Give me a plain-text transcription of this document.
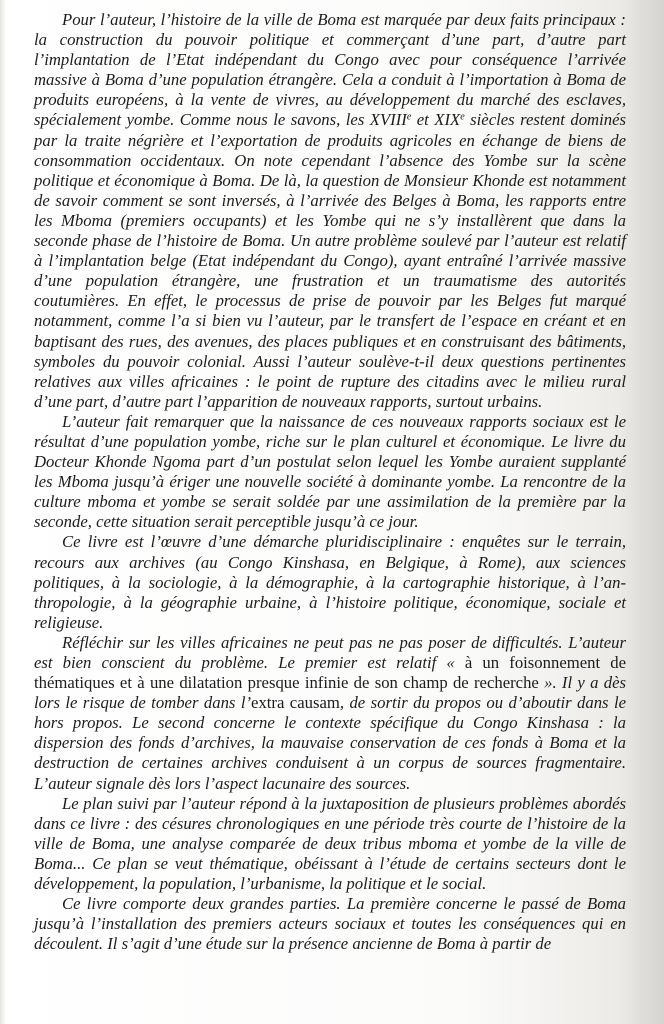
Pour l’auteur, l’histoire de la ville de Boma est marquée par deux faits principaux : la construction du pouvoir politique et commerçant d’une part, d’autre part l’implantation de l’Etat indépendant du Congo avec pour conséquence l’arrivée massive à Boma d’une population étrangère. Cela a conduit à l’importation à Boma de produits européens, à la vente de vivres, au développement du marché des esclaves, spécialement yombe. Comme nous le savons, les XVIIIe et XIXe siècles restent dominés par la traite négrière et l’exportation de produits agricoles en échange de biens de consommation occidentaux. On note cependant l’absence des Yombe sur la scène politique et économique à Boma. De là, la question de Monsieur Khonde est notamment de savoir comment se sont inversés, à l’arrivée des Belges à Boma, les rapports entre les Mboma (premiers occupants) et les Yombe qui ne s’y installèrent que dans la seconde phase de l’histoire de Boma. Un autre problème soulevé par l’auteur est relatif à l’implantation belge (Etat indépendant du Congo), ayant entraîné l’arrivée massive d’une population étrangère, une frustration et un traumatisme des autorités coutumières. En effet, le processus de prise de pouvoir par les Belges fut marqué notamment, comme l’a si bien vu l’auteur, par le transfert de l’espace en créant et en baptisant des rues, des avenues, des places publiques et en construisant des bâtiments, symboles du pouvoir colonial. Aussi l’auteur soulève-t-il deux questions pertinentes relatives aux villes africaines : le point de rupture des citadins avec le milieu rural d’une part, d’autre part l’apparition de nouveaux rapports, surtout urbains.

L’auteur fait remarquer que la naissance de ces nouveaux rapports sociaux est le résultat d’une population yombe, riche sur le plan culturel et économique. Le livre du Docteur Khonde Ngoma part d’un postulat selon lequel les Yombe auraient supplanté les Mboma jusqu’à ériger une nouvelle société à dominante yombe. La rencontre de la culture mboma et yombe se serait soldée par une assimilation de la première par la seconde, cette situation serait perceptible jusqu’à ce jour.

Ce livre est l’œuvre d’une démarche pluridisciplinaire : enquêtes sur le terrain, recours aux archives (au Congo Kinshasa, en Belgique, à Rome), aux sciences politiques, à la sociologie, à la démographie, à la cartographie historique, à l’anthropologie, à la géographie urbaine, à l’histoire politique, économique, sociale et religieuse.

Réfléchir sur les villes africaines ne peut pas ne pas poser de difficultés. L’auteur est bien conscient du problème. Le premier est relatif « à un foisonnement de thématiques et à une dilatation presque infinie de son champ de recherche ». Il y a dès lors le risque de tomber dans l’extra causam, de sortir du propos ou d’aboutir dans le hors propos. Le second concerne le contexte spécifique du Congo Kinshasa : la dispersion des fonds d’archives, la mauvaise conservation de ces fonds à Boma et la destruction de certaines archives conduisent à un corpus de sources fragmentaire. L’auteur signale dès lors l’aspect lacunaire des sources.

Le plan suivi par l’auteur répond à la juxtaposition de plusieurs problèmes abordés dans ce livre : des césures chronologiques en une période très courte de l’histoire de la ville de Boma, une analyse comparée de deux tribus mboma et yombe de la ville de Boma... Ce plan se veut thématique, obéissant à l’étude de certains secteurs dont le développement, la population, l’urbanisme, la politique et le social.

Ce livre comporte deux grandes parties. La première concerne le passé de Boma jusqu’à l’installation des premiers acteurs sociaux et toutes les conséquences qui en découlent. Il s’agit d’une étude sur la présence ancienne de Boma à partir de
